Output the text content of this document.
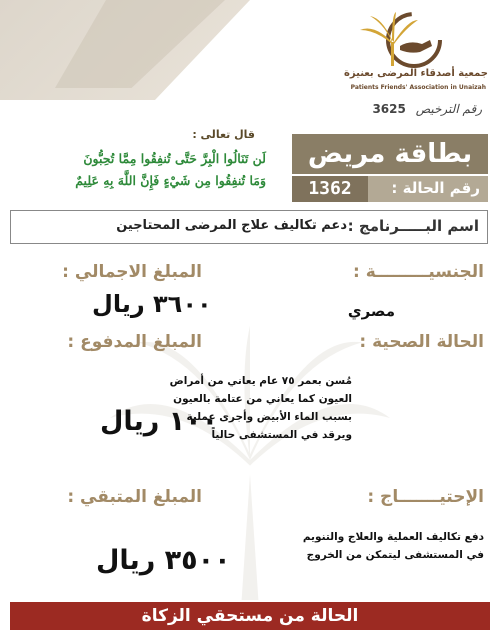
جمعية أصدقاء المرضى بعنيزة
Patients Friends' Association in Unaizah
رقم الترخيص 3625
قال تعالى :
لَن تَنَالُوا الْبِرَّ حَتَّى تُنفِقُوا مِمَّا تُحِبُّونَ
وَمَا تُنفِقُوا مِن شَيْءٍ فَإِنَّ اللَّهَ بِهِ عَلِيمٌ
بطاقة مريض
رقم الحالة :
1362
اسم البـــــرنامج :
دعم تكاليف علاج المرضى المحتاجين
الجنسيـــــــــة :
مصري
الحالة الصحية :
مُسن بعمر ٧٥ عام يعاني من أمراض
العيون كما يعاني من عتامة بالعيون
بسبب الماء الأبيض وأجرى عملية
ويرقد في المستشفى حالياً
الإحتيـــــــاج :
دفع تكاليف العملية والعلاج والتنويم
في المستشفى ليتمكن من الخروج
المبلغ الاجمالي :
٣٦٠٠ ريال
المبلغ المدفوع :
١٠٠ ريال
المبلغ المتبقي :
٣٥٠٠ ريال
الحالة من مستحقي الزكاة
